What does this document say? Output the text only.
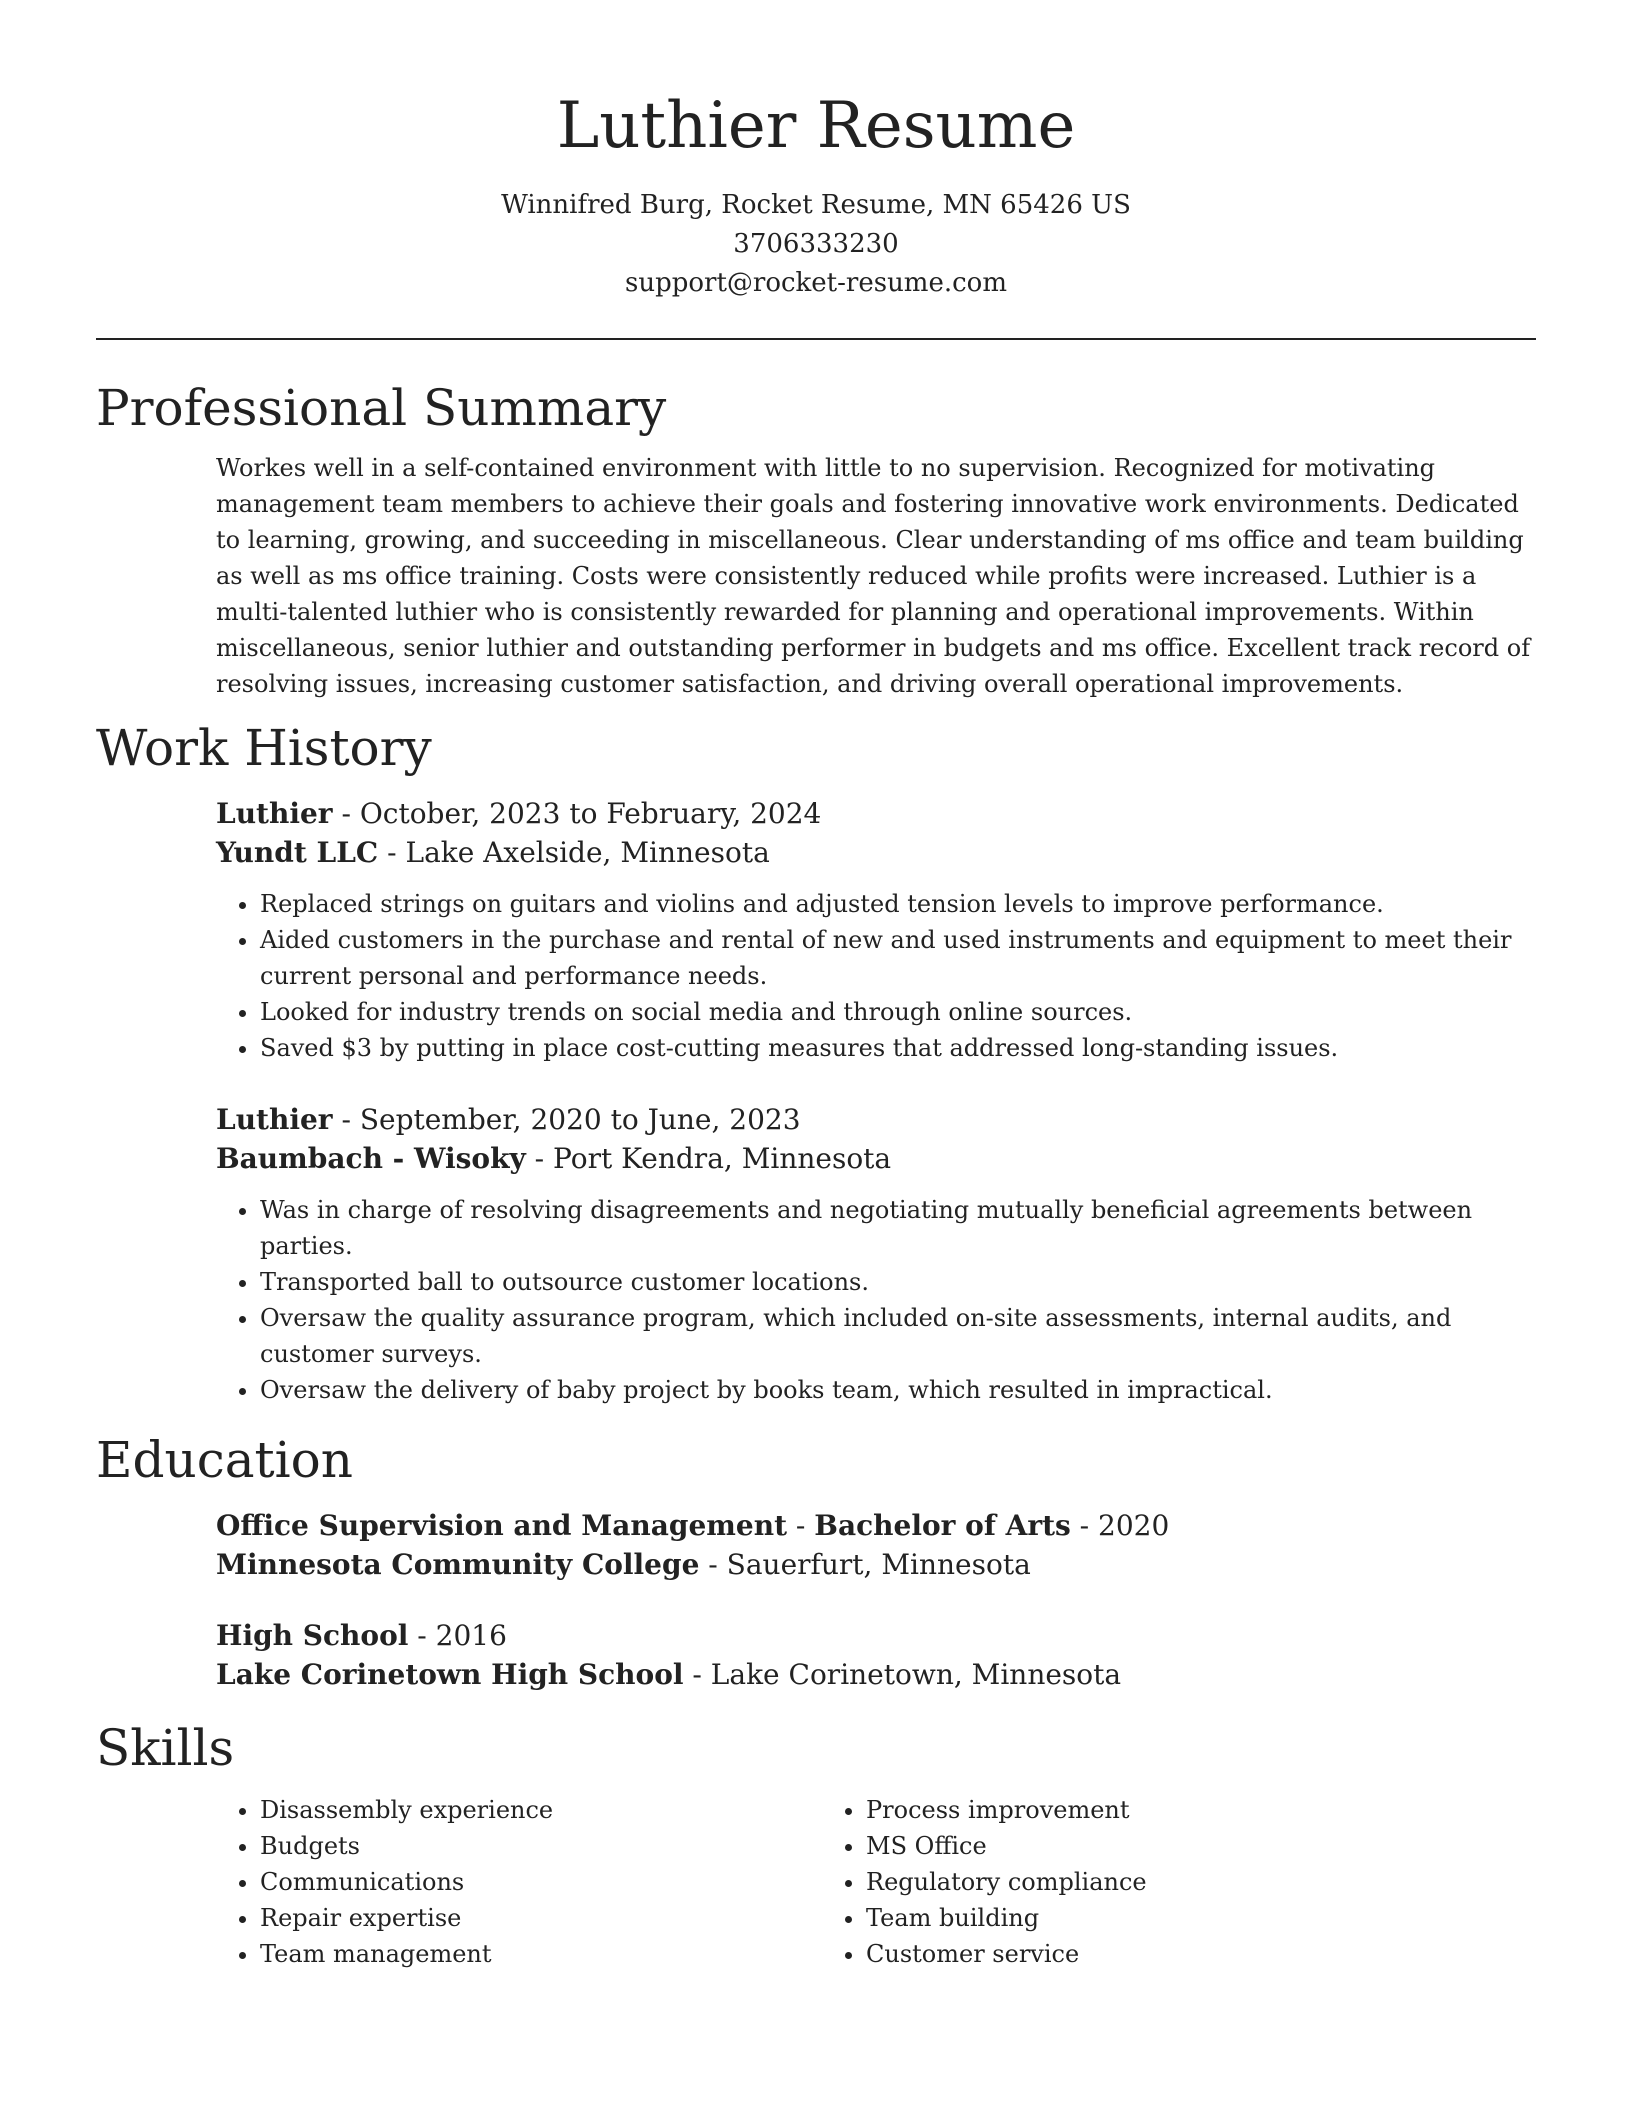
Luthier Resume
Winnifred Burg, Rocket Resume, MN 65426 US
3706333230
support@rocket-resume.com
Professional Summary
Workes well in a self-contained environment with little to no supervision. Recognized for motivating management team members to achieve their goals and fostering innovative work environments. Dedicated to learning, growing, and succeeding in miscellaneous. Clear understanding of ms office and team building as well as ms office training. Costs were consistently reduced while profits were increased. Luthier is a multi-talented luthier who is consistently rewarded for planning and operational improvements. Within miscellaneous, senior luthier and outstanding performer in budgets and ms office. Excellent track record of resolving issues, increasing customer satisfaction, and driving overall operational improvements.
Work History
Luthier - October, 2023 to February, 2024
Yundt LLC - Lake Axelside, Minnesota
• Replaced strings on guitars and violins and adjusted tension levels to improve performance.
• Aided customers in the purchase and rental of new and used instruments and equipment to meet their current personal and performance needs.
• Looked for industry trends on social media and through online sources.
• Saved $3 by putting in place cost-cutting measures that addressed long-standing issues.
Luthier - September, 2020 to June, 2023
Baumbach - Wisoky - Port Kendra, Minnesota
• Was in charge of resolving disagreements and negotiating mutually beneficial agreements between parties.
• Transported ball to outsource customer locations.
• Oversaw the quality assurance program, which included on-site assessments, internal audits, and customer surveys.
• Oversaw the delivery of baby project by books team, which resulted in impractical.
Education
Office Supervision and Management - Bachelor of Arts - 2020
Minnesota Community College - Sauerfurt, Minnesota
High School - 2016
Lake Corinetown High School - Lake Corinetown, Minnesota
Skills
• Disassembly experience
• Budgets
• Communications
• Repair expertise
• Team management
• Process improvement
• MS Office
• Regulatory compliance
• Team building
• Customer service
